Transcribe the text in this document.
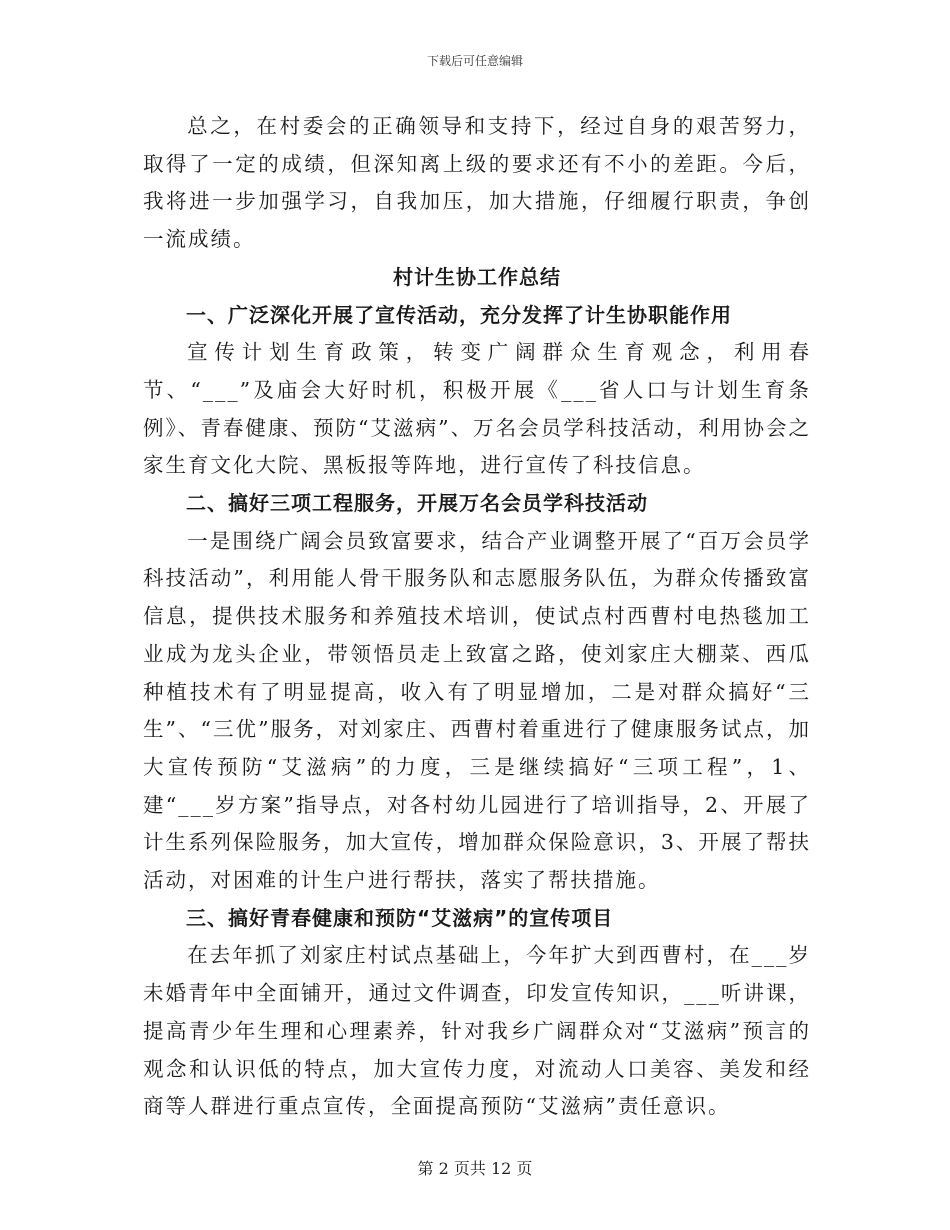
下载后可任意编辑

总之，在村委会的正确领导和支持下，经过自身的艰苦努力，取得了一定的成绩，但深知离上级的要求还有不小的差距。今后，我将进一步加强学习，自我加压，加大措施，仔细履行职责，争创一流成绩。

村计生协工作总结

一、广泛深化开展了宣传活动，充分发挥了计生协职能作用

宣传计划生育政策，转变广阔群众生育观念，利用春节、“___”及庙会大好时机，积极开展《___省人口与计划生育条例》、青春健康、预防“艾滋病”、万名会员学科技活动，利用协会之家生育文化大院、黑板报等阵地，进行宣传了科技信息。

二、搞好三项工程服务，开展万名会员学科技活动

一是围绕广阔会员致富要求，结合产业调整开展了“百万会员学科技活动”，利用能人骨干服务队和志愿服务队伍，为群众传播致富信息，提供技术服务和养殖技术培训，使试点村西曹村电热毯加工业成为龙头企业，带领悟员走上致富之路，使刘家庄大棚菜、西瓜种植技术有了明显提高，收入有了明显增加，二是对群众搞好“三生”、“三优”服务，对刘家庄、西曹村着重进行了健康服务试点，加大宣传预防“艾滋病”的力度，三是继续搞好“三项工程”，1、建“___岁方案”指导点，对各村幼儿园进行了培训指导，2、开展了计生系列保险服务，加大宣传，增加群众保险意识，3、开展了帮扶活动，对困难的计生户进行帮扶，落实了帮扶措施。

三、搞好青春健康和预防“艾滋病”的宣传项目

在去年抓了刘家庄村试点基础上，今年扩大到西曹村，在___岁未婚青年中全面铺开，通过文件调查，印发宣传知识，___听讲课，提高青少年生理和心理素养，针对我乡广阔群众对“艾滋病”预言的观念和认识低的特点，加大宣传力度，对流动人口美容、美发和经商等人群进行重点宣传，全面提高预防“艾滋病”责任意识。

第 2 页共 12 页
